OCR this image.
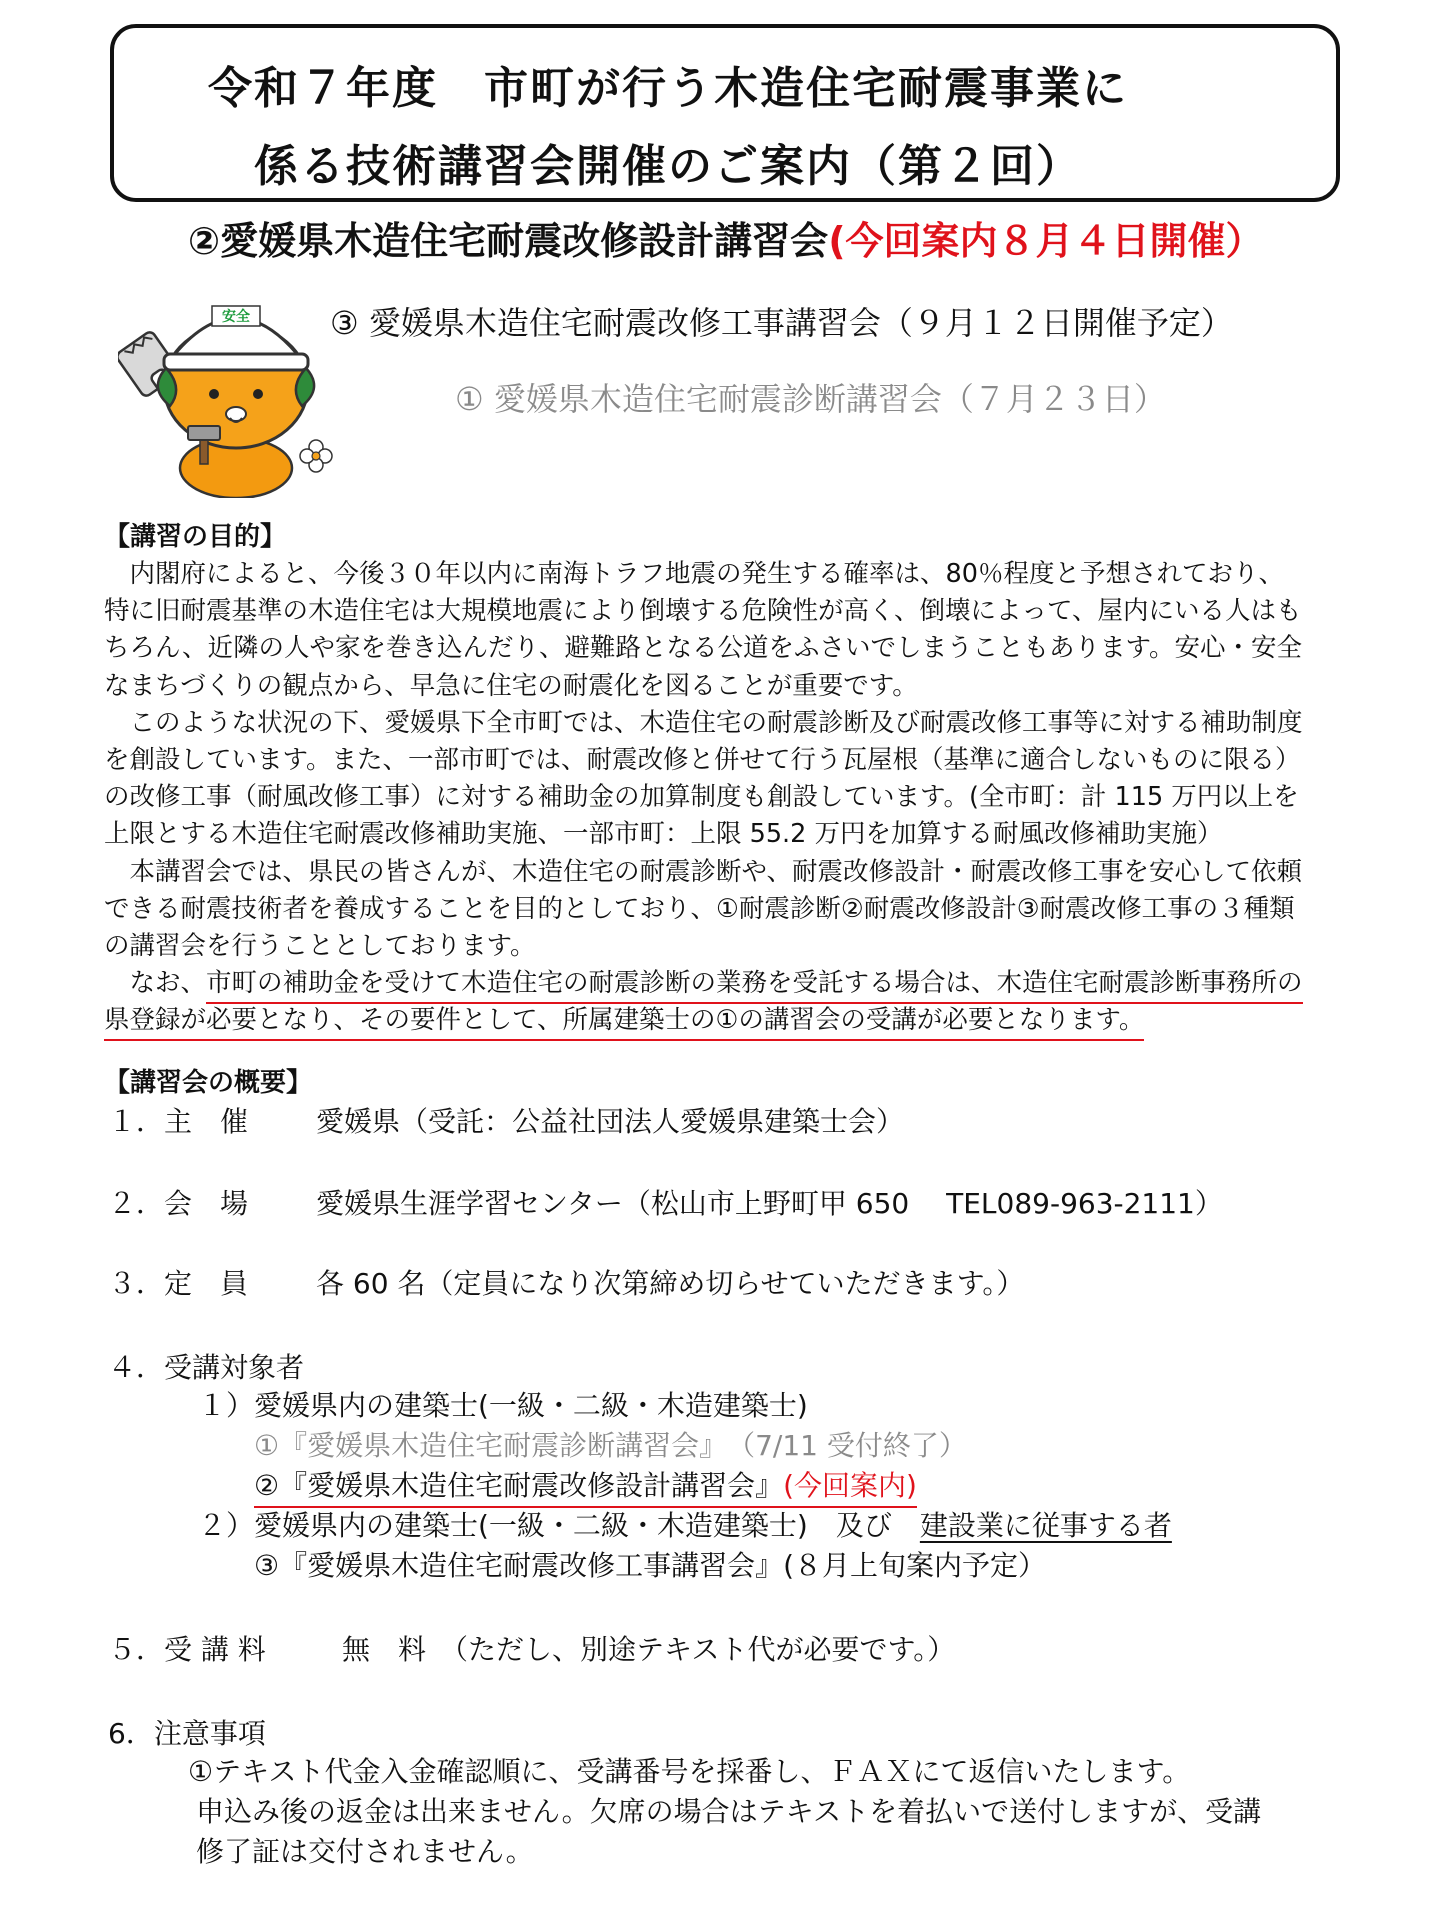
令和７年度　市町が行う木造住宅耐震事業に
係る技術講習会開催のご案内（第２回）
②愛媛県木造住宅耐震改修設計講習会(今回案内８月４日開催）
③ 愛媛県木造住宅耐震改修工事講習会（９月１２日開催予定）
① 愛媛県木造住宅耐震診断講習会（７月２３日）
安全
【講習の目的】

　内閣府によると、今後３０年以内に南海トラフ地震の発生する確率は、80％程度と予想されており、

特に旧耐震基準の木造住宅は大規模地震により倒壊する危険性が高く、倒壊によって、屋内にいる人はも

ちろん、近隣の人や家を巻き込んだり、避難路となる公道をふさいでしまうこともあります。安心・安全

なまちづくりの観点から、早急に住宅の耐震化を図ることが重要です。

　このような状況の下、愛媛県下全市町では、木造住宅の耐震診断及び耐震改修工事等に対する補助制度

を創設しています。また、一部市町では、耐震改修と併せて行う瓦屋根（基準に適合しないものに限る）

の改修工事（耐風改修工事）に対する補助金の加算制度も創設しています。(全市町：計 115 万円以上を

上限とする木造住宅耐震改修補助実施、一部市町：上限 55.2 万円を加算する耐風改修補助実施）

　本講習会では、県民の皆さんが、木造住宅の耐震診断や、耐震改修設計・耐震改修工事を安心して依頼

できる耐震技術者を養成することを目的としており、①耐震診断②耐震改修設計③耐震改修工事の３種類

の講習会を行うこととしております。

　なお、市町の補助金を受けて木造住宅の耐震診断の業務を受託する場合は、木造住宅耐震診断事務所の

県登録が必要となり、その要件として、所属建築士の①の講習会の受講が必要となります。

【講習会の概要】
１．主　催 愛媛県（受託：公益社団法人愛媛県建築士会）
２．会　場 愛媛県生涯学習センター（松山市上野町甲 650　 TEL089-963-2111）
３．定　員 各 60 名（定員になり次第締め切らせていただきます。）
４．受講対象者
１）愛媛県内の建築士(一級・二級・木造建築士)
①『愛媛県木造住宅耐震診断講習会』　（7/11 受付終了）
②『愛媛県木造住宅耐震改修設計講習会』(今回案内)
２）愛媛県内の建築士(一級・二級・木造建築士)　及び　建設業に従事する者
③『愛媛県木造住宅耐震改修工事講習会』(８月上旬案内予定）
５．受 講 料	無　料　（ただし、別途テキスト代が必要です。）
6．注意事項
①テキスト代金入金確認順に、受講番号を採番し、ＦＡＸにて返信いたします。
申込み後の返金は出来ません。欠席の場合はテキストを着払いで送付しますが、受講
修了証は交付されません。
